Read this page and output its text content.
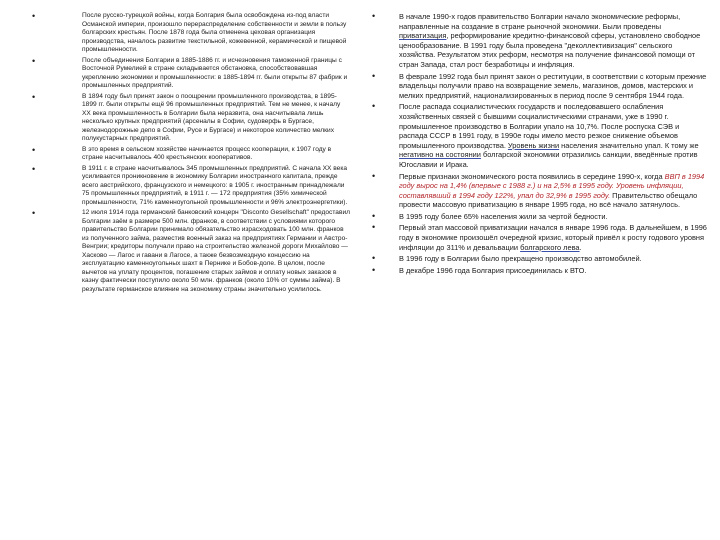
•	После русско-турецкой войны, когда Болгария была освобождена из-под власти Османской империи, произошло перераспределение собственности и земли в пользу болгарских крестьян. После 1878 года была отменена цеховая организация производства, началось развитие текстильной, кожевенной, керамической и пищевой промышленности.
•	После объединения Болгарии в 1885-1886 гг. и исчезновения таможенной границы с Восточной Румелией в стране складывается обстановка, способствовавшая укреплению экономики и промышленности: в 1885-1894 гг. были открыты 87 фабрик и промышленных предприятий.
•	В 1894 году был принят закон о поощрении промышленного производства, в 1895-1899 гг. были открыты ещё 96 промышленных предприятий. Тем не менее, к началу XX века промышленность в Болгарии была неразвита, она насчитывала лишь несколько крупных предприятий (арсеналы в Софии, судоверфь в Бургасе, железнодорожные депо в Софии, Русе и Бургасе) и некоторое количество мелких полукустарных предприятий.
•	В это время в сельском хозяйстве начинается процесс кооперации, к 1907 году в стране насчитывалось 400 крестьянских кооперативов.
•	В 1911 г. в стране насчитывалось 345 промышленных предприятий. С начала XX века усиливается проникновение в экономику Болгарии иностранного капитала, прежде всего австрийского, французского и немецкого: в 1905 г. иностранным принадлежали 75 промышленных предприятий, в 1911 г. — 172 предприятия (35% химической промышленности, 71% каменноугольной промышленности и 96% электроэнергетики).
•	12 июля 1914 года германский банковский концерн "Disconto Gesellschaft" предоставил Болгарии заём в размере 500 млн. франков, в соответствии с условиями которого правительство Болгарии принимало обязательство израсходовать 100 млн. франков из полученного займа, разместив военный заказ на предприятиях Германии и Австро-Венгрии; кредиторы получали право на строительство железной дороги Михайлово — Хасково — Лагос и гавани в Лагосе, а также безвозмездную концессию на эксплуатацию каменноугольных шахт в Пернике и Бобов-доле. В целом, после вычетов на уплату процентов, погашение старых займов и оплату новых заказов в казну фактически поступило около 50 млн. франков (около 10% от суммы займа). В результате германское влияние на экономику страны значительно усилилось.
•	В начале 1990-х годов правительство Болгарии начало экономические реформы, направленные на создание в стране рыночной экономики. Были проведены приватизация, реформирование кредитно-финансовой сферы, установлено свободное ценообразование. В 1991 году была проведена "деколлективизация" сельского хозяйства. Результатом этих реформ, несмотря на получение финансовой помощи от стран Запада, стал рост безработицы и инфляция.
•	В феврале 1992 года был принят закон о реституции, в соответствии с которым прежние владельцы получили право на возвращение земель, магазинов, домов, мастерских и мелких предприятий, национализированных в период после 9 сентября 1944 года.
•	После распада социалистических государств и последовавшего ослабления хозяйственных связей с бывшими социалистическими странами, уже в 1990 г. промышленное производство в Болгарии упало на 10,7%. После роспуска СЭВ и распада СССР в 1991 году, в 1990е годы имело место резкое снижение объемов промышленного производства. Уровень жизни населения значительно упал. К тому же негативно на состоянии болгарской экономики отразились санкции, введённые против Югославии и Ирака.
•	Первые признаки экономического роста появились в середине 1990-х, когда ВВП в 1994 году вырос на 1,4% (впервые с 1988 г.) и на 2,5% в 1995 году. Уровень инфляции, составлявший в 1994 году 122%, упал до 32,9% в 1995 году. Правительство обещало провести массовую приватизацию в январе 1995 года, но всё начало затянулось.
•	В 1995 году более 65% населения жили за чертой бедности.
•	Первый этап массовой приватизации начался в январе 1996 года. В дальнейшем, в 1996 году в экономике произошёл очередной кризис, который привёл к росту годового уровня инфляции до 311% и девальвации болгарского лева.
•	В 1996 году в Болгарии было прекращено производство автомобилей.
•	В декабре 1996 года Болгария присоединилась к ВТО.
